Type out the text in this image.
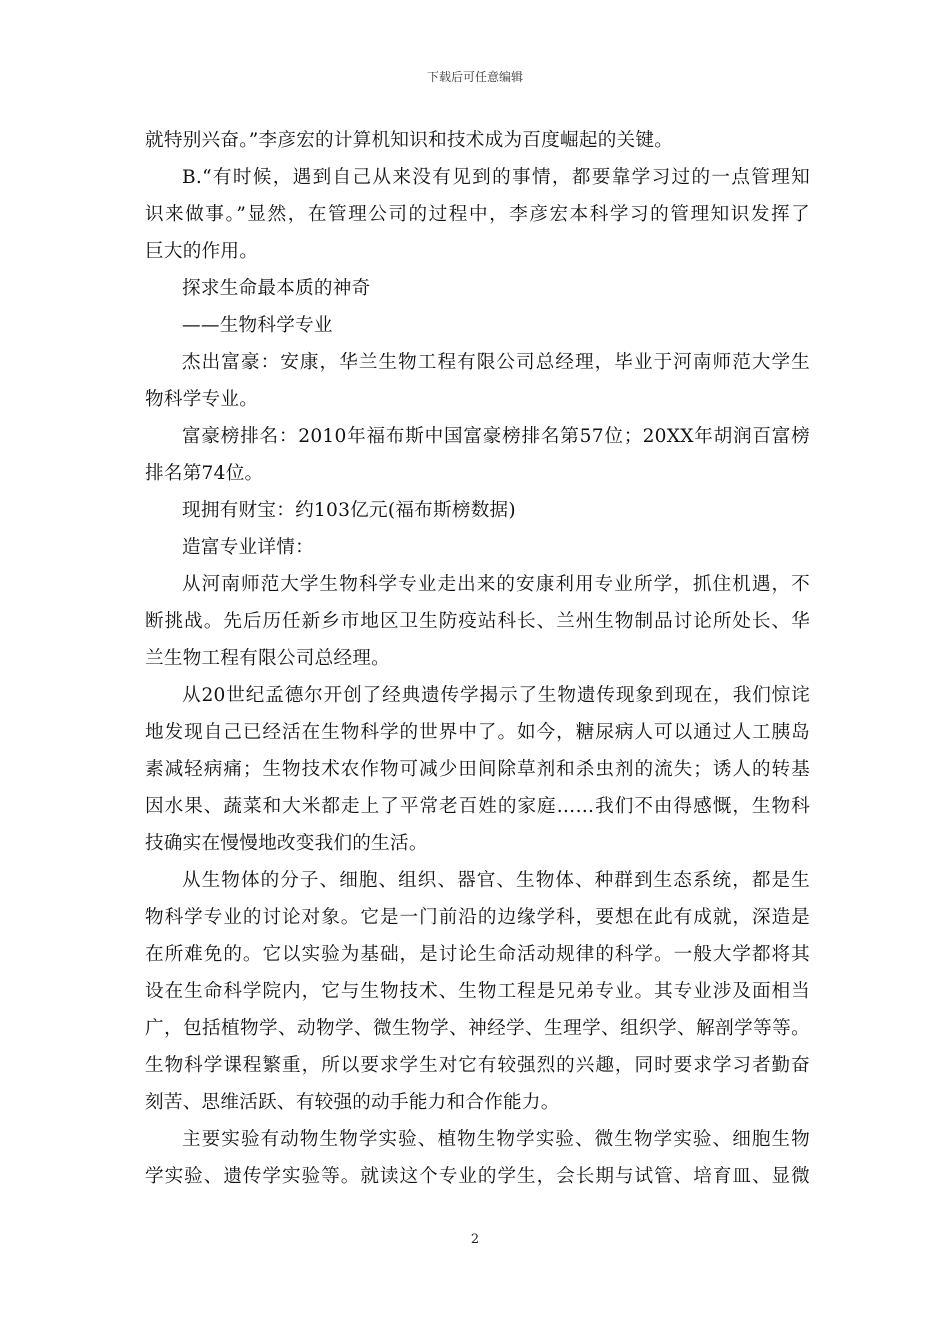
下载后可任意编辑
就特别兴奋。”李彦宏的计算机知识和技术成为百度崛起的关键。
B.“有时候，遇到自己从来没有见到的事情，都要靠学习过的一点管理知
识来做事。”显然，在管理公司的过程中，李彦宏本科学习的管理知识发挥了
巨大的作用。
探求生命最本质的神奇
——生物科学专业
杰出富豪：安康，华兰生物工程有限公司总经理，毕业于河南师范大学生
物科学专业。
富豪榜排名：2010年福布斯中国富豪榜排名第57位；20XX年胡润百富榜
排名第74位。
现拥有财宝：约103亿元(福布斯榜数据)
造富专业详情：
从河南师范大学生物科学专业走出来的安康利用专业所学，抓住机遇，不
断挑战。先后历任新乡市地区卫生防疫站科长、兰州生物制品讨论所处长、华
兰生物工程有限公司总经理。
从20世纪孟德尔开创了经典遗传学揭示了生物遗传现象到现在，我们惊诧
地发现自己已经活在生物科学的世界中了。如今，糖尿病人可以通过人工胰岛
素减轻病痛；生物技术农作物可减少田间除草剂和杀虫剂的流失；诱人的转基
因水果、蔬菜和大米都走上了平常老百姓的家庭……我们不由得感慨，生物科
技确实在慢慢地改变我们的生活。
从生物体的分子、细胞、组织、器官、生物体、种群到生态系统，都是生
物科学专业的讨论对象。它是一门前沿的边缘学科，要想在此有成就，深造是
在所难免的。它以实验为基础，是讨论生命活动规律的科学。一般大学都将其
设在生命科学院内，它与生物技术、生物工程是兄弟专业。其专业涉及面相当
广，包括植物学、动物学、微生物学、神经学、生理学、组织学、解剖学等等。
生物科学课程繁重，所以要求学生对它有较强烈的兴趣，同时要求学习者勤奋
刻苦、思维活跃、有较强的动手能力和合作能力。
主要实验有动物生物学实验、植物生物学实验、微生物学实验、细胞生物
学实验、遗传学实验等。就读这个专业的学生，会长期与试管、培育皿、显微
2
